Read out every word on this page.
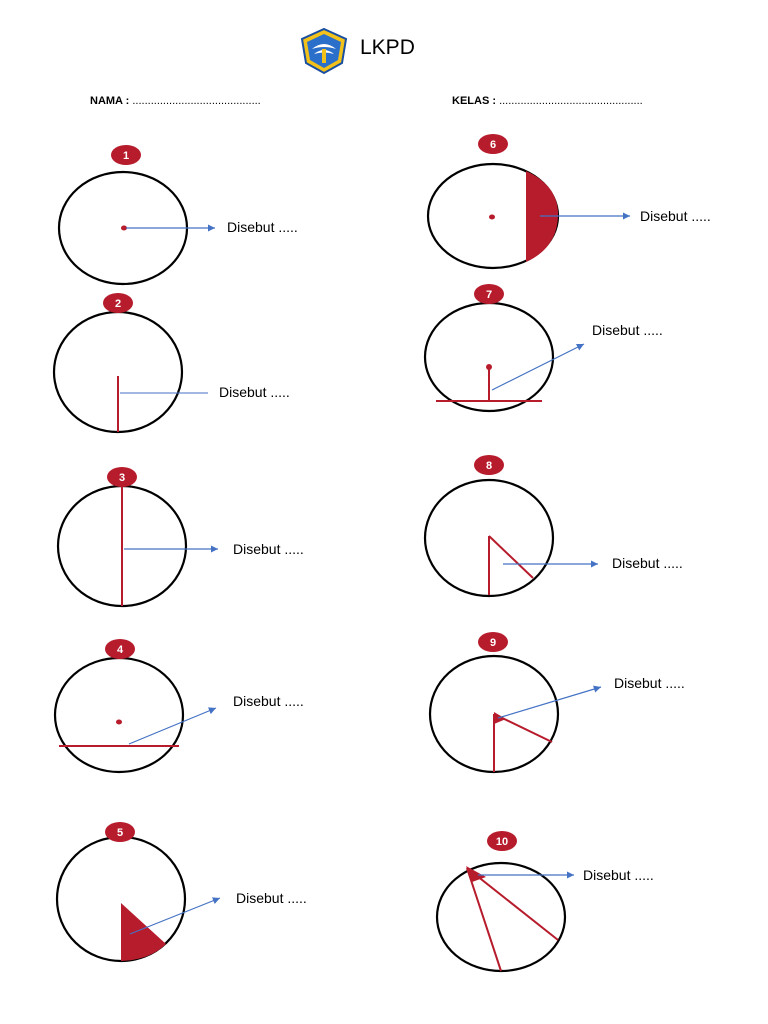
LKPD
NAMA : ..........................................	KELAS : ...............................................
1
Disebut .....
2
Disebut .....
3
Disebut .....
4
Disebut .....
5
Disebut .....
6
Disebut .....
7
Disebut .....
8
Disebut .....
9
Disebut .....
10
Disebut .....
